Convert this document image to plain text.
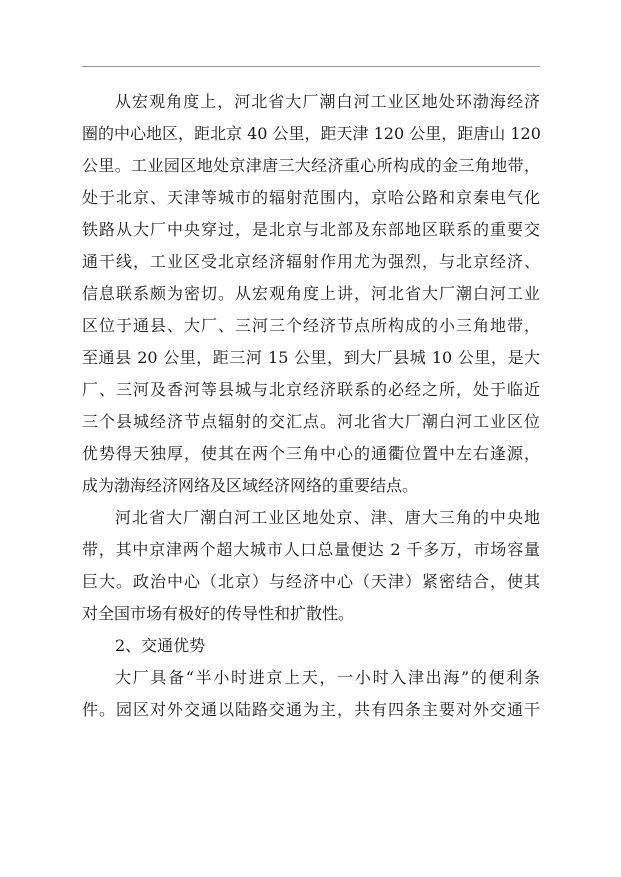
从宏观角度上，河北省大厂潮白河工业区地处环渤海经济
圈的中心地区，距北京 40 公里，距天津 120 公里，距唐山 120
公里。工业园区地处京津唐三大经济重心所构成的金三角地带，
处于北京、天津等城市的辐射范围内，京哈公路和京秦电气化
铁路从大厂中央穿过，是北京与北部及东部地区联系的重要交
通干线，工业区受北京经济辐射作用尤为强烈，与北京经济、
信息联系颇为密切。从宏观角度上讲，河北省大厂潮白河工业
区位于通县、大厂、三河三个经济节点所构成的小三角地带，
至通县 20 公里，距三河 15 公里，到大厂县城 10 公里，是大
厂、三河及香河等县城与北京经济联系的必经之所，处于临近
三个县城经济节点辐射的交汇点。河北省大厂潮白河工业区位
优势得天独厚，使其在两个三角中心的通衢位置中左右逢源，
成为渤海经济网络及区域经济网络的重要结点。
河北省大厂潮白河工业区地处京、津、唐大三角的中央地
带，其中京津两个超大城市人口总量便达 2 千多万，市场容量
巨大。政治中心（北京）与经济中心（天津）紧密结合，使其
对全国市场有极好的传导性和扩散性。
2、交通优势
大厂具备“半小时进京上天，一小时入津出海”的便利条
件。园区对外交通以陆路交通为主，共有四条主要对外交通干
